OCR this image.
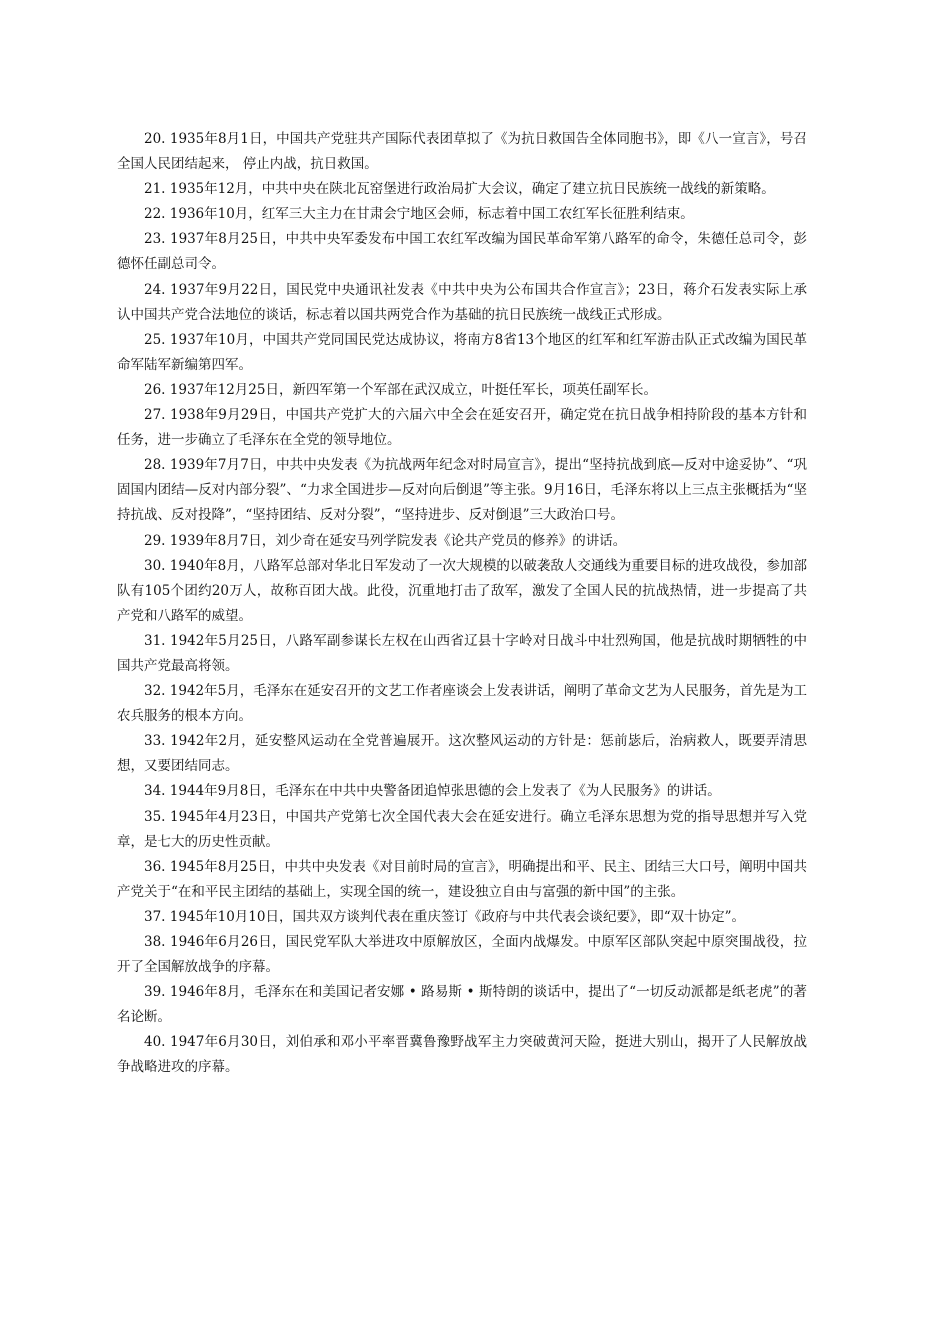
20. 1935年8月1日，中国共产党驻共产国际代表团草拟了《为抗日救国告全体同胞书》，即《八一宣言》，号召全国人民团结起来， 停止内战，抗日救国。

21. 1935年12月，中共中央在陕北瓦窑堡进行政治局扩大会议，确定了建立抗日民族统一战线的新策略。

22. 1936年10月，红军三大主力在甘肃会宁地区会师，标志着中国工农红军长征胜利结束。

23. 1937年8月25日，中共中央军委发布中国工农红军改编为国民革命军第八路军的命令，朱德任总司令，彭德怀任副总司令。

24. 1937年9月22日，国民党中央通讯社发表《中共中央为公布国共合作宣言》；23日，蒋介石发表实际上承认中国共产党合法地位的谈话，标志着以国共两党合作为基础的抗日民族统一战线正式形成。

25. 1937年10月，中国共产党同国民党达成协议，将南方8省13个地区的红军和红军游击队正式改编为国民革命军陆军新编第四军。

26. 1937年12月25日，新四军第一个军部在武汉成立，叶挺任军长，项英任副军长。

27. 1938年9月29日，中国共产党扩大的六届六中全会在延安召开，确定党在抗日战争相持阶段的基本方针和任务，进一步确立了毛泽东在全党的领导地位。

28. 1939年7月7日，中共中央发表《为抗战两年纪念对时局宣言》，提出“坚持抗战到底—反对中途妥协”、“巩固国内团结—反对内部分裂”、“力求全国进步—反对向后倒退”等主张。9月16日，毛泽东将以上三点主张概括为“坚持抗战、反对投降”，“坚持团结、反对分裂”，“坚持进步、反对倒退”三大政治口号。

29. 1939年8月7日，刘少奇在延安马列学院发表《论共产党员的修养》的讲话。

30. 1940年8月，八路军总部对华北日军发动了一次大规模的以破袭敌人交通线为重要目标的进攻战役，参加部队有105个团约20万人，故称百团大战。此役，沉重地打击了敌军，激发了全国人民的抗战热情，进一步提高了共产党和八路军的威望。

31. 1942年5月25日，八路军副参谋长左权在山西省辽县十字岭对日战斗中壮烈殉国，他是抗战时期牺牲的中国共产党最高将领。

32. 1942年5月，毛泽东在延安召开的文艺工作者座谈会上发表讲话，阐明了革命文艺为人民服务，首先是为工农兵服务的根本方向。

33. 1942年2月，延安整风运动在全党普遍展开。这次整风运动的方针是：惩前毖后，治病救人，既要弄清思想，又要团结同志。

34. 1944年9月8日，毛泽东在中共中央警备团追悼张思德的会上发表了《为人民服务》的讲话。

35. 1945年4月23日，中国共产党第七次全国代表大会在延安进行。确立毛泽东思想为党的指导思想并写入党章，是七大的历史性贡献。

36. 1945年8月25日，中共中央发表《对目前时局的宣言》，明确提出和平、民主、团结三大口号，阐明中国共产党关于“在和平民主团结的基础上，实现全国的统一，建设独立自由与富强的新中国”的主张。

37. 1945年10月10日，国共双方谈判代表在重庆签订《政府与中共代表会谈纪要》，即“双十协定”。

38. 1946年6月26日，国民党军队大举进攻中原解放区，全面内战爆发。中原军区部队突起中原突围战役，拉开了全国解放战争的序幕。

39. 1946年8月，毛泽东在和美国记者安娜 • 路易斯 • 斯特朗的谈话中，提出了“一切反动派都是纸老虎”的著名论断。

40. 1947年6月30日，刘伯承和邓小平率晋冀鲁豫野战军主力突破黄河天险，挺进大别山，揭开了人民解放战争战略进攻的序幕。
